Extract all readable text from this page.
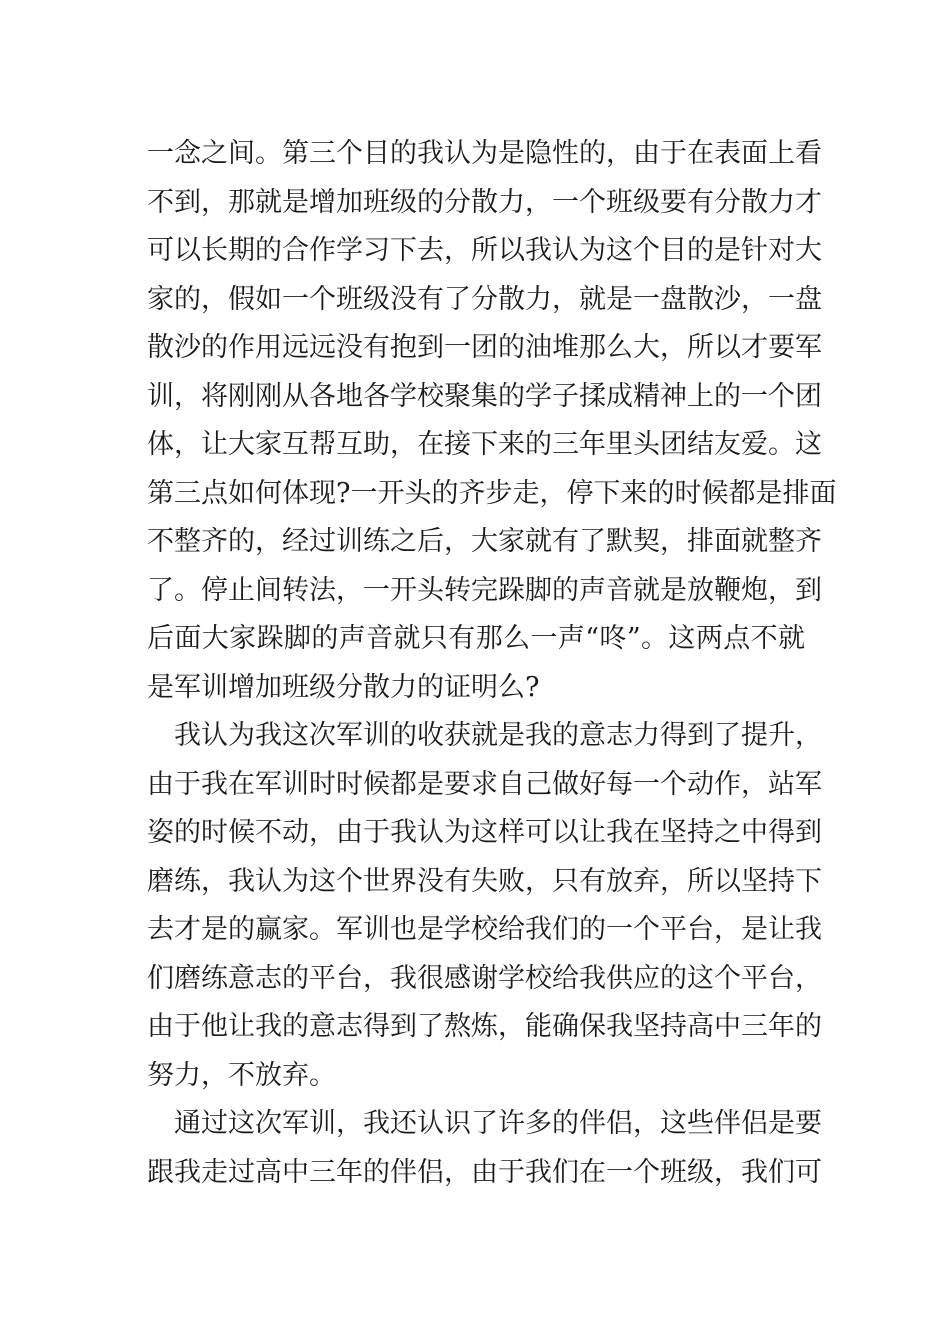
一念之间。第三个目的我认为是隐性的，由于在表面上看
不到，那就是增加班级的分散力，一个班级要有分散力才
可以长期的合作学习下去，所以我认为这个目的是针对大
家的，假如一个班级没有了分散力，就是一盘散沙，一盘
散沙的作用远远没有抱到一团的油堆那么大，所以才要军
训，将刚刚从各地各学校聚集的学子揉成精神上的一个团
体，让大家互帮互助，在接下来的三年里头团结友爱。这
第三点如何体现?一开头的齐步走，停下来的时候都是排面
不整齐的，经过训练之后，大家就有了默契，排面就整齐
了。停止间转法，一开头转完跺脚的声音就是放鞭炮，到
后面大家跺脚的声音就只有那么一声“咚”。这两点不就
是军训增加班级分散力的证明么?
我认为我这次军训的收获就是我的意志力得到了提升，
由于我在军训时时候都是要求自己做好每一个动作，站军
姿的时候不动，由于我认为这样可以让我在坚持之中得到
磨练，我认为这个世界没有失败，只有放弃，所以坚持下
去才是的赢家。军训也是学校给我们的一个平台，是让我
们磨练意志的平台，我很感谢学校给我供应的这个平台，
由于他让我的意志得到了熬炼，能确保我坚持高中三年的
努力，不放弃。
通过这次军训，我还认识了许多的伴侣，这些伴侣是要
跟我走过高中三年的伴侣，由于我们在一个班级，我们可
